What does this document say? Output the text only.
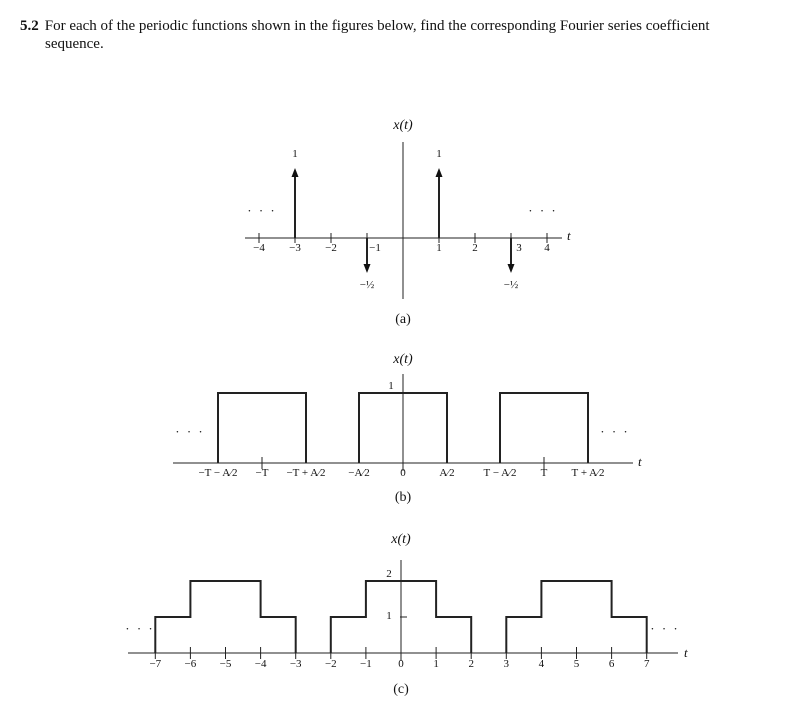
5.2 For each of the periodic functions shown in the figures below, find the corresponding Fourier series coefficient
sequence.
−4 −3 −2	−1	1	2	3 4
1
−½
1
−½
x(t)
t
· · ·	· · ·
(a)
−T − A⁄2 −T −T + A⁄2 −A⁄2	0	A⁄2	T − A⁄2 T T + A⁄2
1
x(t)
t
· · ·	· · ·
(b)
−7 −6 −5 −4 −3 −2 −1 0	1	2	3	4	5	6	7
1
2
x(t)
t
· · ·	· · ·
(c)
